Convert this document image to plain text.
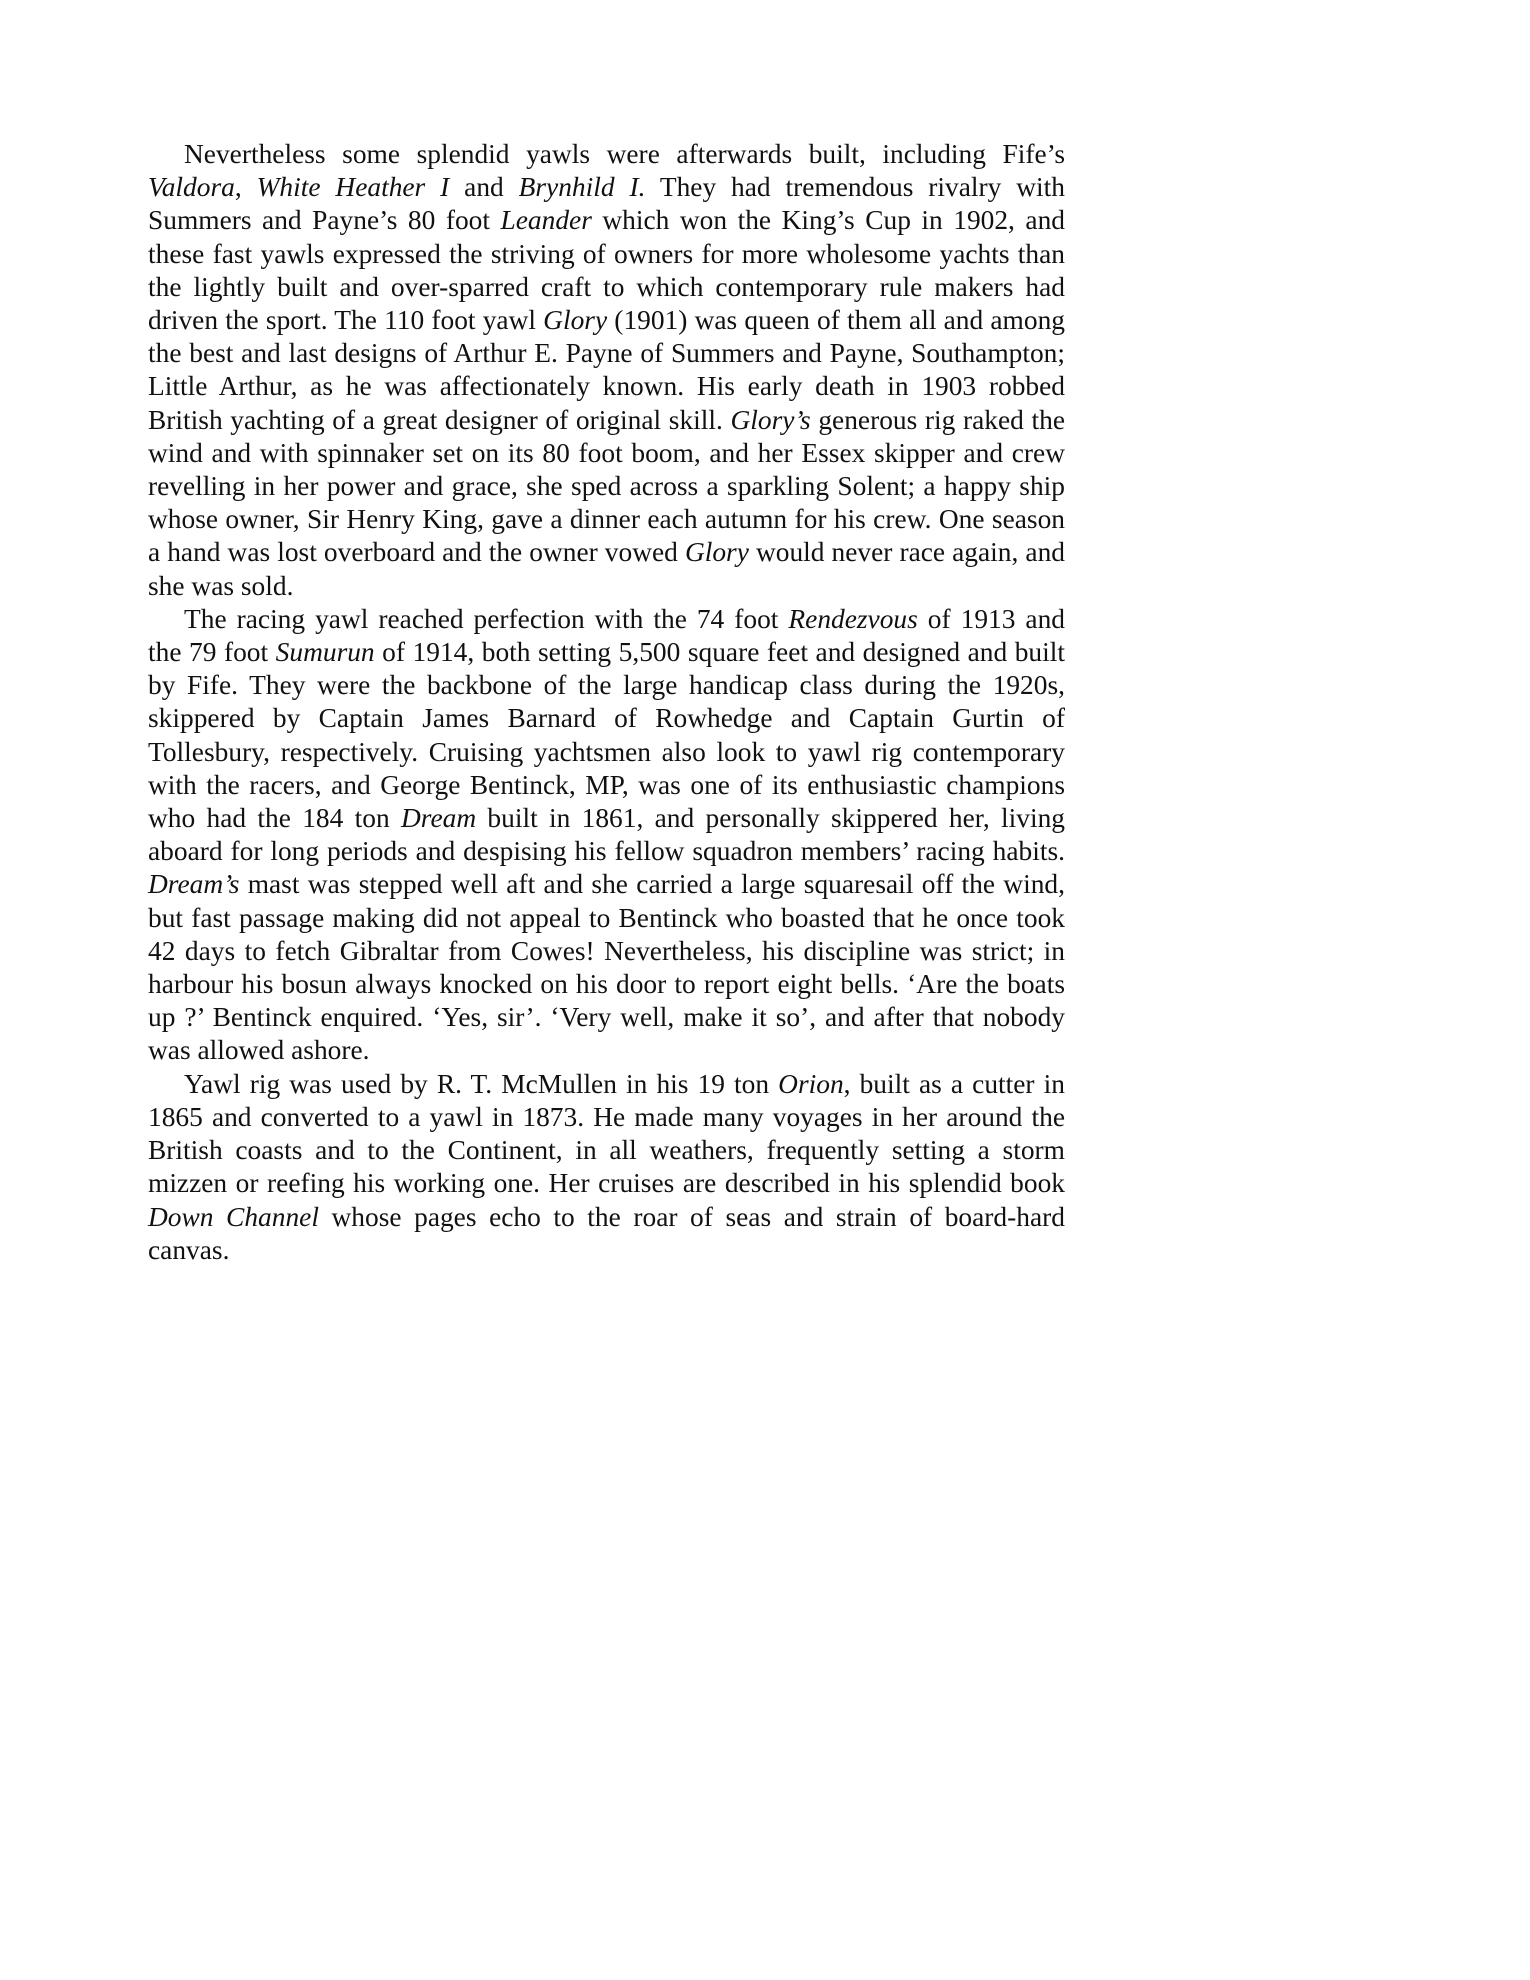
Nevertheless some splendid yawls were afterwards built, including Fife’s Valdora, White Heather I and Brynhild I. They had tremendous rivalry with Summers and Payne’s 80 foot Leander which won the King’s Cup in 1902, and these fast yawls expressed the striving of owners for more wholesome yachts than the lightly built and over-sparred craft to which contemporary rule makers had driven the sport. The 110 foot yawl Glory (1901) was queen of them all and among the best and last designs of Arthur E. Payne of Summers and Payne, Southampton; Little Arthur, as he was affectionately known. His early death in 1903 robbed British yachting of a great designer of original skill. Glory’s generous rig raked the wind and with spinnaker set on its 80 foot boom, and her Essex skipper and crew revelling in her power and grace, she sped across a sparkling Solent; a happy ship whose owner, Sir Henry King, gave a dinner each autumn for his crew. One season a hand was lost overboard and the owner vowed Glory would never race again, and she was sold.

The racing yawl reached perfection with the 74 foot Rendezvous of 1913 and the 79 foot Sumurun of 1914, both setting 5,500 square feet and designed and built by Fife. They were the backbone of the large handicap class during the 1920s, skippered by Captain James Barnard of Rowhedge and Captain Gurtin of Tollesbury, respectively. Cruising yachtsmen also look to yawl rig contemporary with the racers, and George Bentinck, MP, was one of its enthusiastic champions who had the 184 ton Dream built in 1861, and personally skippered her, living aboard for long periods and despising his fellow squadron members’ racing habits. Dream’s mast was stepped well aft and she carried a large squaresail off the wind, but fast passage making did not appeal to Bentinck who boasted that he once took 42 days to fetch Gibraltar from Cowes! Nevertheless, his discipline was strict; in harbour his bosun always knocked on his door to report eight bells. ‘Are the boats up ?’ Bentinck enquired. ‘Yes, sir’. ‘Very well, make it so’, and after that nobody was allowed ashore.

Yawl rig was used by R. T. McMullen in his 19 ton Orion, built as a cutter in 1865 and converted to a yawl in 1873. He made many voyages in her around the British coasts and to the Continent, in all weathers, frequently setting a storm mizzen or reefing his working one. Her cruises are described in his splendid book Down Channel whose pages echo to the roar of seas and strain of board-hard canvas.
